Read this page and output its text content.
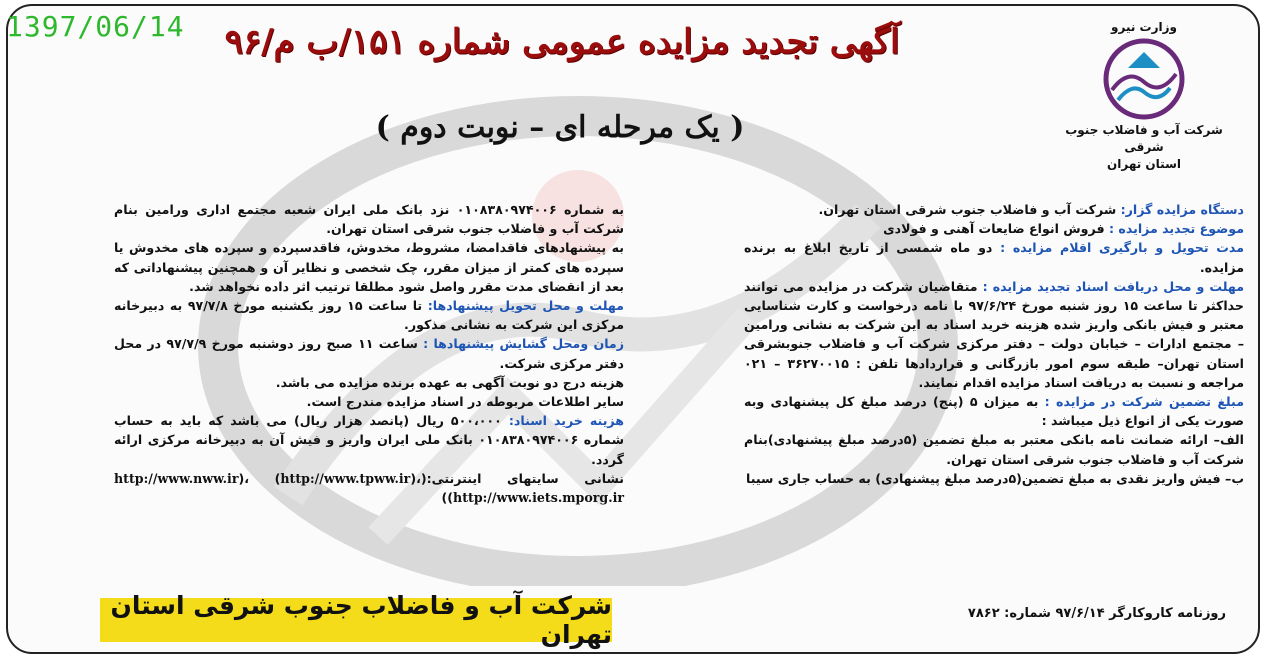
1397/06/14	وزارت نیرو
شرکت آب و فاضلاب جنوب شرقی
استان تهران
آگهی تجدید مزایده عمومی شماره ۱۵۱/ب م/۹۶
( یک مرحله ای – نوبت دوم )

دستگاه مزایده گزار: شرکت آب و فاضلاب جنوب شرقی استان تهران.

موضوع تجدید مزایده : فروش انواع ضایعات آهنی و فولادی

مدت تحویل و بارگیری اقلام مزایده : دو ماه شمسی از تاریخ ابلاغ به برنده مزایده.

مهلت و محل دریافت اسناد تجدید مزایده : متقاضیان شرکت در مزایده می توانند حداکثر تا ساعت ۱۵ روز شنبه مورخ ۹۷/۶/۲۴ با نامه درخواست و کارت شناسایی معتبر و فیش بانکی واریز شده هزینه خرید اسناد به این شرکت به نشانی ورامین – مجتمع ادارات – خیابان دولت – دفتر مرکزی شرکت آب و فاضلاب جنوبشرقی استان تهران– طبقه سوم امور بازرگانی و قراردادها تلفن : ۳۶۲۷۰۰۱۵ – ۰۲۱ مراجعه و نسبت به دریافت اسناد مزایده اقدام نمایند.

مبلغ تضمین شرکت در مزایده : به میزان ۵ (پنج) درصد مبلغ کل پیشنهادی وبه صورت یکی از انواع ذیل میباشد :

الف– ارائه ضمانت نامه بانکی معتبر به مبلغ تضمین (۵درصد مبلغ پیشنهادی)بنام شرکت آب و فاضلاب جنوب شرقی استان تهران.

ب– فیش واریز نقدی به مبلغ تضمین(۵درصد مبلغ پیشنهادی) به حساب جاری سیبا

به شماره ۰۱۰۸۳۸۰۹۷۴۰۰۶ نزد بانک ملی ایران شعبه مجتمع اداری ورامین بنام شرکت آب و فاضلاب جنوب شرقی استان تهران.

به پیشنهادهای فاقدامضا، مشروط، مخدوش، فاقدسپرده و سپرده های مخدوش یا سپرده های کمتر از میزان مقرر، چک شخصی و نظایر آن و همچنین پیشنهاداتی که بعد از انقضای مدت مقرر واصل شود مطلقا ترتیب اثر داده نخواهد شد.

مهلت و محل تحویل پیشنهادها: تا ساعت ۱۵ روز یکشنبه مورخ ۹۷/۷/۸ به دبیرخانه مرکزی این شرکت به نشانی مذکور.

زمان ومحل گشایش پیشنهادها : ساعت ۱۱ صبح روز دوشنبه مورخ ۹۷/۷/۹ در محل دفتر مرکزی شرکت.

هزینه درج دو نوبت آگهی به عهده برنده مزایده می باشد.

سایر اطلاعات مربوطه در اسناد مزایده مندرج است.

هزینه خرید اسناد: ۵۰۰،۰۰۰ ریال (پانصد هزار ریال) می باشد که باید به حساب شماره ۰۱۰۸۳۸۰۹۷۴۰۰۶ بانک ملی ایران واریز و فیش آن به دبیرخانه مرکزی ارائه گردد.

نشانی سایتهای اینترنتی:(http://www.nww.ir)، (http://www.tpww.ir)، (http://www.iets.mporg.ir)

روزنامه کاروکارگر ۹۷/۶/۱۴ شماره: ۷۸۶۲
شرکت آب و فاضلاب جنوب شرقی استان تهران
